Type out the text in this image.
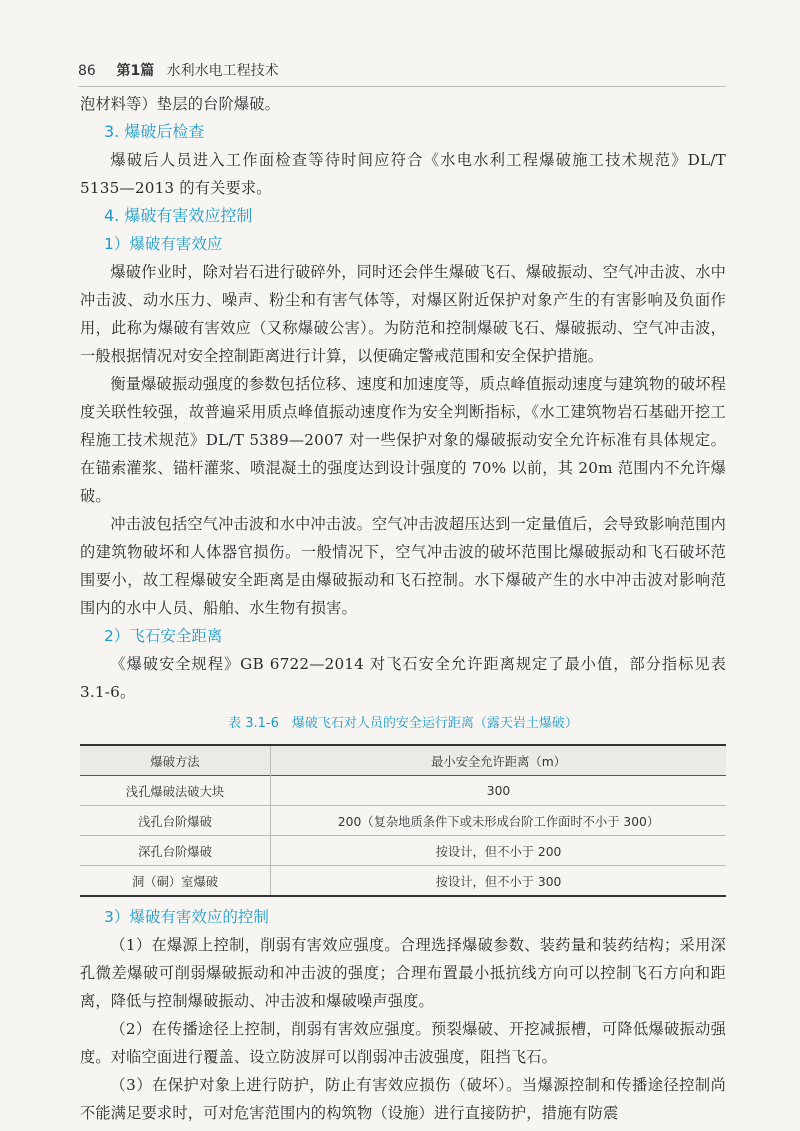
86 第1篇 水利水电工程技术

泡材料等）垫层的台阶爆破。

3. 爆破后检查

爆破后人员进入工作面检查等待时间应符合《水电水利工程爆破施工技术规范》DL/T 5135—2013 的有关要求。

4. 爆破有害效应控制
1）爆破有害效应

爆破作业时，除对岩石进行破碎外，同时还会伴生爆破飞石、爆破振动、空气冲击波、水中冲击波、动水压力、噪声、粉尘和有害气体等，对爆区附近保护对象产生的有害影响及负面作用，此称为爆破有害效应（又称爆破公害）。为防范和控制爆破飞石、爆破振动、空气冲击波，一般根据情况对安全控制距离进行计算，以便确定警戒范围和安全保护措施。

衡量爆破振动强度的参数包括位移、速度和加速度等，质点峰值振动速度与建筑物的破坏程度关联性较强，故普遍采用质点峰值振动速度作为安全判断指标，《水工建筑物岩石基础开挖工程施工技术规范》DL/T 5389—2007 对一些保护对象的爆破振动安全允许标准有具体规定。在锚索灌浆、锚杆灌浆、喷混凝土的强度达到设计强度的 70% 以前，其 20m 范围内不允许爆破。

冲击波包括空气冲击波和水中冲击波。空气冲击波超压达到一定量值后，会导致影响范围内的建筑物破坏和人体器官损伤。一般情况下，空气冲击波的破坏范围比爆破振动和飞石破坏范围要小，故工程爆破安全距离是由爆破振动和飞石控制。水下爆破产生的水中冲击波对影响范围内的水中人员、船舶、水生物有损害。

2）飞石安全距离

《爆破安全规程》GB 6722—2014 对飞石安全允许距离规定了最小值，部分指标见表 3.1-6。

表 3.1-6　爆破飞石对人员的安全运行距离（露天岩土爆破）
爆破方法	最小安全允许距离（m）
浅孔爆破法破大块	300
浅孔台阶爆破	200（复杂地质条件下或未形成台阶工作面时不小于 300）
深孔台阶爆破	按设计，但不小于 200
洞（硐）室爆破	按设计，但不小于 300
3）爆破有害效应的控制

（1）在爆源上控制，削弱有害效应强度。合理选择爆破参数、装药量和装药结构；采用深孔微差爆破可削弱爆破振动和冲击波的强度；合理布置最小抵抗线方向可以控制飞石方向和距离，降低与控制爆破振动、冲击波和爆破噪声强度。

（2）在传播途径上控制，削弱有害效应强度。预裂爆破、开挖减振槽，可降低爆破振动强度。对临空面进行覆盖、设立防波屏可以削弱冲击波强度，阻挡飞石。

（3）在保护对象上进行防护，防止有害效应损伤（破坏）。当爆源控制和传播途径控制尚不能满足要求时，可对危害范围内的构筑物（设施）进行直接防护，措施有防震
